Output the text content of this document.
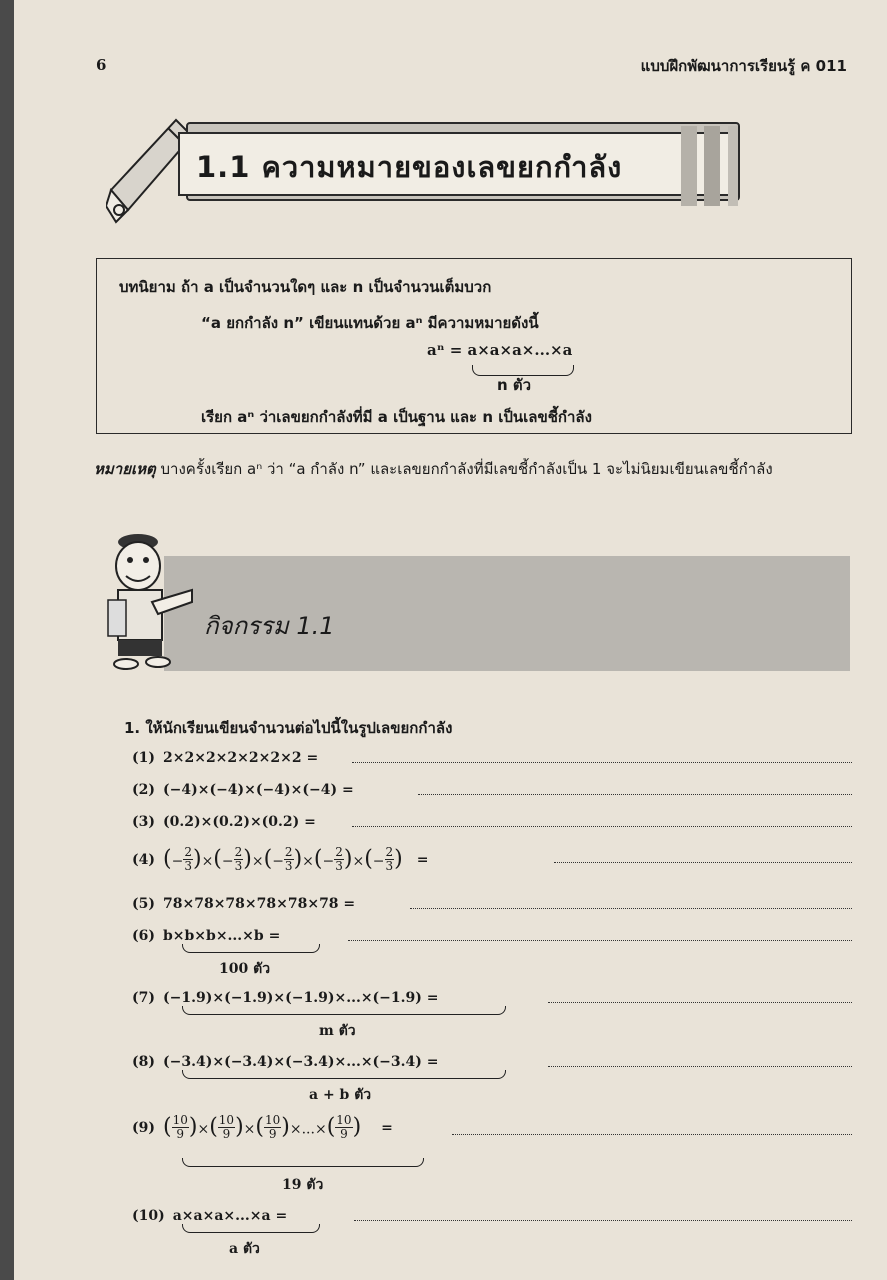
6	แบบฝึกพัฒนาการเรียนรู้ ค 011
1.1 ความหมายของเลขยกกำลัง
บทนิยาม ถ้า a เป็นจำนวนใดๆ และ n เป็นจำนวนเต็มบวก
“a ยกกำลัง n” เขียนแทนด้วย aⁿ มีความหมายดังนี้
aⁿ = a×a×a×...×a
n ตัว
เรียก aⁿ ว่าเลขยกกำลังที่มี a เป็นฐาน และ n เป็นเลขชี้กำลัง
หมายเหตุ บางครั้งเรียก aⁿ ว่า “a กำลัง n” และเลขยกกำลังที่มีเลขชี้กำลังเป็น 1 จะไม่นิยมเขียนเลขชี้กำลัง
กิจกรรม 1.1
1. ให้นักเรียนเขียนจำนวนต่อไปนี้ในรูปเลขยกกำลัง
(1) 2×2×2×2×2×2×2 =
(2) (−4)×(−4)×(−4)×(−4) =
(3) (0.2)×(0.2)×(0.2) =
(4) (− $\frac{2}{3}$ )×(− $\frac{2}{3}$ )×(− $\frac{2}{3}$ )×(− $\frac{2}{3}$ )×(− $\frac{2}{3}$ ) =
(5) 78×78×78×78×78×78 =
(6) b×b×b×...×b =
100 ตัว
(7) (−1.9)×(−1.9)×(−1.9)×...×(−1.9) =
m ตัว
(8) (−3.4)×(−3.4)×(−3.4)×...×(−3.4) =
a + b ตัว
(9) ( $\frac{10}{9}$ )×( $\frac{10}{9}$ )×( $\frac{10}{9}$ )×...×( $\frac{10}{9}$ ) =
19 ตัว
(10) a×a×a×...×a =
a ตัว
